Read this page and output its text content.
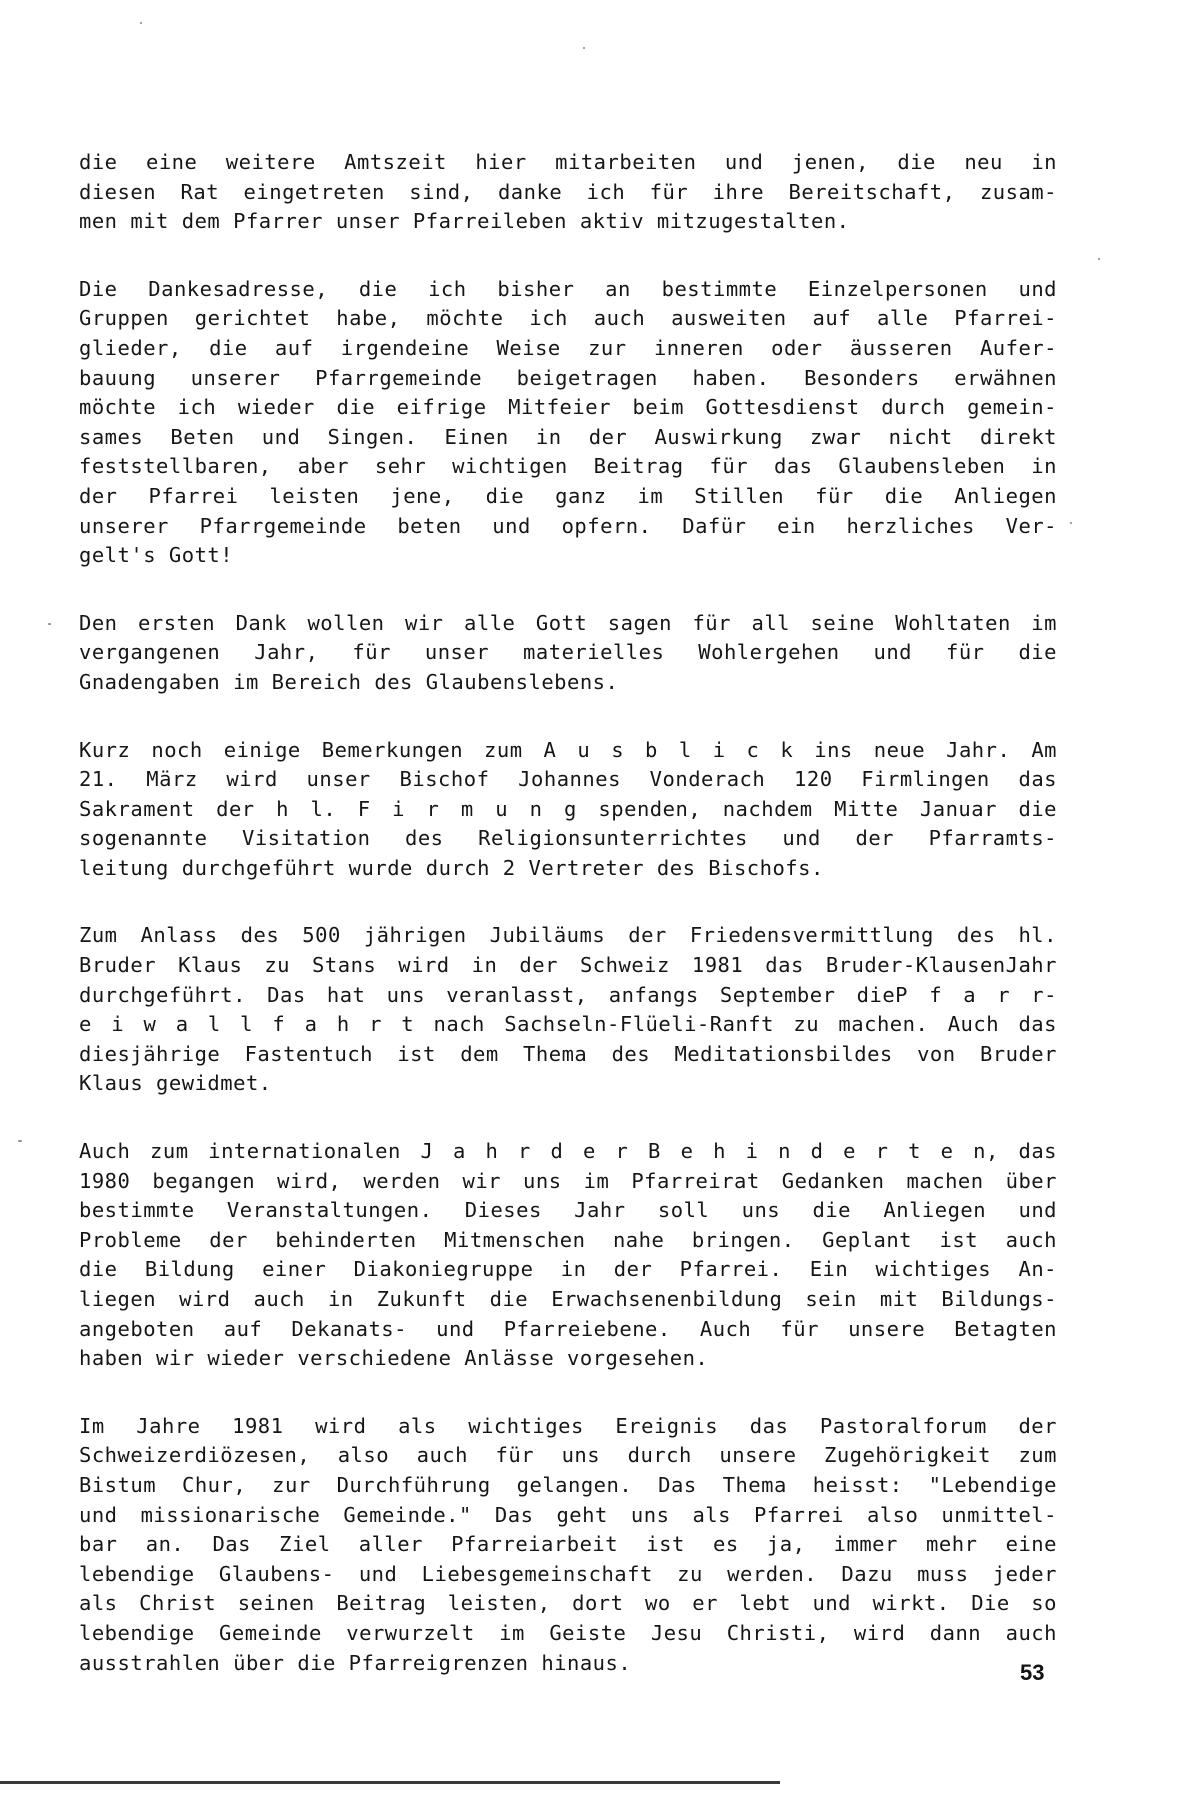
die eine weitere Amtszeit hier mitarbeiten und jenen, die neu in
diesen Rat eingetreten sind, danke ich für ihre Bereitschaft, zusam-
men mit dem Pfarrer unser Pfarreileben aktiv mitzugestalten.
Die Dankesadresse, die ich bisher an bestimmte Einzelpersonen und
Gruppen gerichtet habe, möchte ich auch ausweiten auf alle Pfarrei-
glieder, die auf irgendeine Weise zur inneren oder äusseren Aufer-
bauung unserer Pfarrgemeinde beigetragen haben. Besonders erwähnen
möchte ich wieder die eifrige Mitfeier beim Gottesdienst durch gemein-
sames Beten und Singen. Einen in der Auswirkung zwar nicht direkt
feststellbaren, aber sehr wichtigen Beitrag für das Glaubensleben in
der Pfarrei leisten jene, die ganz im Stillen für die Anliegen
unserer Pfarrgemeinde beten und opfern. Dafür ein herzliches Ver-
gelt's Gott!
Den ersten Dank wollen wir alle Gott sagen für all seine Wohltaten im
vergangenen Jahr, für unser materielles Wohlergehen und für die
Gnadengaben im Bereich des Glaubenslebens.
Kurz noch einige Bemerkungen zum A u s b l i c k ins neue Jahr. Am
21. März wird unser Bischof Johannes Vonderach 120 Firmlingen das
Sakrament der h l. F i r m u n g spenden, nachdem Mitte Januar die
sogenannte Visitation des Religionsunterrichtes und der Pfarramts-
leitung durchgeführt wurde durch 2 Vertreter des Bischofs.
Zum Anlass des 500 jährigen Jubiläums der Friedensvermittlung des hl.
Bruder Klaus zu Stans wird in der Schweiz 1981 das Bruder-KlausenJahr
durchgeführt. Das hat uns veranlasst, anfangs September dieP f a r r-
e i w a l l f a h r t nach Sachseln-Flüeli-Ranft zu machen. Auch das
diesjährige Fastentuch ist dem Thema des Meditationsbildes von Bruder
Klaus gewidmet.
Auch zum internationalen J a h r d e r B e h i n d e r t e n, das
1980 begangen wird, werden wir uns im Pfarreirat Gedanken machen über
bestimmte Veranstaltungen. Dieses Jahr soll uns die Anliegen und
Probleme der behinderten Mitmenschen nahe bringen. Geplant ist auch
die Bildung einer Diakoniegruppe in der Pfarrei. Ein wichtiges An-
liegen wird auch in Zukunft die Erwachsenenbildung sein mit Bildungs-
angeboten auf Dekanats- und Pfarreiebene. Auch für unsere Betagten
haben wir wieder verschiedene Anlässe vorgesehen.
Im Jahre 1981 wird als wichtiges Ereignis das Pastoralforum der
Schweizerdiözesen, also auch für uns durch unsere Zugehörigkeit zum
Bistum Chur, zur Durchführung gelangen. Das Thema heisst: "Lebendige
und missionarische Gemeinde." Das geht uns als Pfarrei also unmittel-
bar an. Das Ziel aller Pfarreiarbeit ist es ja, immer mehr eine
lebendige Glaubens- und Liebesgemeinschaft zu werden. Dazu muss jeder
als Christ seinen Beitrag leisten, dort wo er lebt und wirkt. Die so
lebendige Gemeinde verwurzelt im Geiste Jesu Christi, wird dann auch
ausstrahlen über die Pfarreigrenzen hinaus.	53
